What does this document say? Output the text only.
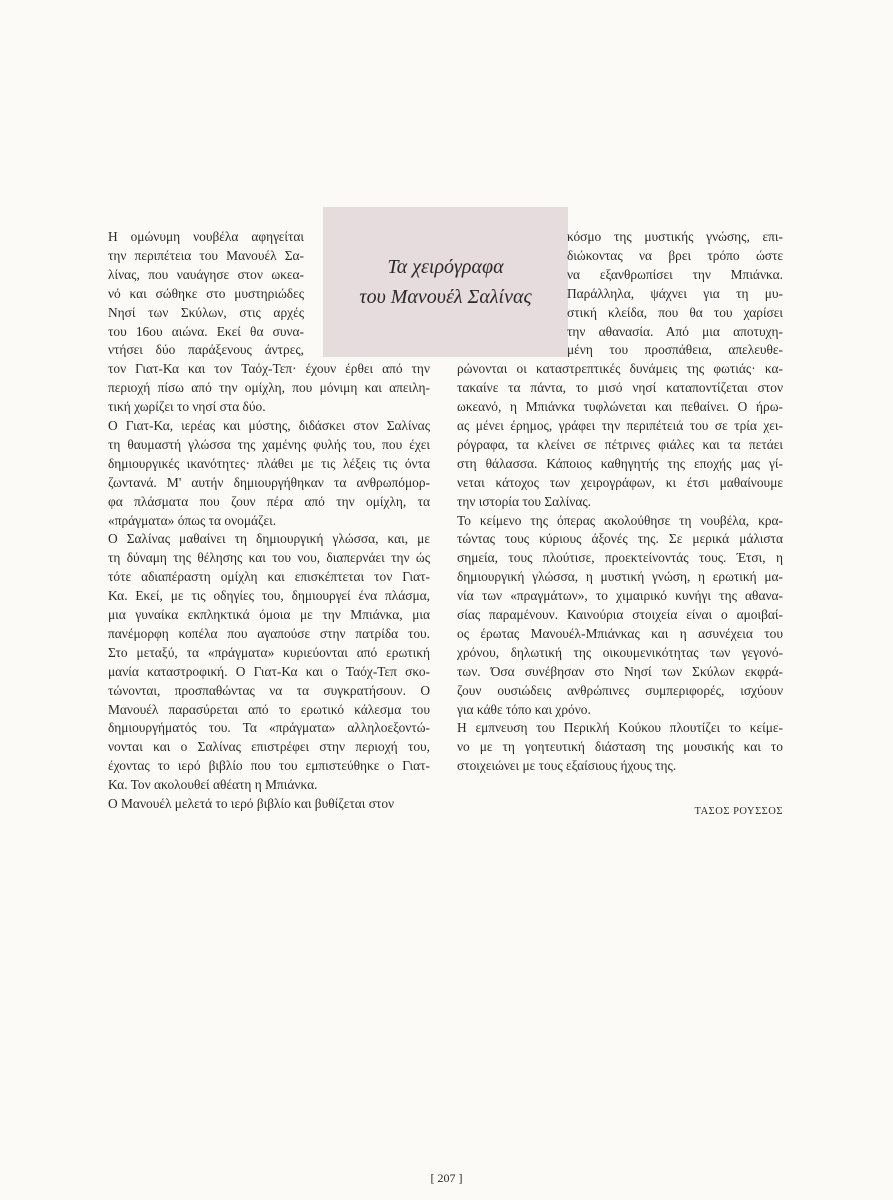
Τα χειρόγραφα
του Μανουέλ Σαλίνας
Η ομώνυμη νουβέλα αφηγείται
την περιπέτεια του Μανουέλ Σα-
λίνας, που ναυάγησε στον ωκεα-
νό και σώθηκε στο μυστηριώδες
Νησί των Σκύλων, στις αρχές
του 16ου αιώνα. Εκεί θα συνα-
ντήσει δύο παράξενους άντρες,
τον Γιατ-Κα και τον Ταόχ-Τεπ· έχουν έρθει από την
περιοχή πίσω από την ομίχλη, που μόνιμη και απειλη-
τική χωρίζει το νησί στα δύο.
Ο Γιατ-Κα, ιερέας και μύστης, διδάσκει στον Σαλίνας
τη θαυμαστή γλώσσα της χαμένης φυλής του, που έχει
δημιουργικές ικανότητες· πλάθει με τις λέξεις τις όντα
ζωντανά. Μ' αυτήν δημιουργήθηκαν τα ανθρωπόμορ-
φα πλάσματα που ζουν πέρα από την ομίχλη, τα
«πράγματα» όπως τα ονομάζει.
Ο Σαλίνας μαθαίνει τη δημιουργική γλώσσα, και, με
τη δύναμη της θέλησης και του νου, διαπερνάει την ώς
τότε αδιαπέραστη ομίχλη και επισκέπτεται τον Γιατ-
Κα. Εκεί, με τις οδηγίες του, δημιουργεί ένα πλάσμα,
μια γυναίκα εκπληκτικά όμοια με την Μπιάνκα, μια
πανέμορφη κοπέλα που αγαπούσε στην πατρίδα του.
Στο μεταξύ, τα «πράγματα» κυριεύονται από ερωτική
μανία καταστροφική. Ο Γιατ-Κα και ο Ταόχ-Τεπ σκο-
τώνονται, προσπαθώντας να τα συγκρατήσουν. Ο
Μανουέλ παρασύρεται από το ερωτικό κάλεσμα του
δημιουργήματός του. Τα «πράγματα» αλληλοεξοντώ-
νονται και ο Σαλίνας επιστρέφει στην περιοχή του,
έχοντας το ιερό βιβλίο που του εμπιστεύθηκε ο Γιατ-
Κα. Τον ακολουθεί αθέατη η Μπιάνκα.
Ο Μανουέλ μελετά το ιερό βιβλίο και βυθίζεται στον
κόσμο της μυστικής γνώσης, επι-
διώκοντας να βρει τρόπο ώστε
να εξανθρωπίσει την Μπιάνκα.
Παράλληλα, ψάχνει για τη μυ-
στική κλείδα, που θα του χαρίσει
την αθανασία. Από μια αποτυχη-
μένη του προσπάθεια, απελευθε-
ρώνονται οι καταστρεπτικές δυνάμεις της φωτιάς· κα-
τακαίνε τα πάντα, το μισό νησί καταποντίζεται στον
ωκεανό, η Μπιάνκα τυφλώνεται και πεθαίνει. Ο ήρω-
ας μένει έρημος, γράφει την περιπέτειά του σε τρία χει-
ρόγραφα, τα κλείνει σε πέτρινες φιάλες και τα πετάει
στη θάλασσα. Κάποιος καθηγητής της εποχής μας γί-
νεται κάτοχος των χειρογράφων, κι έτσι μαθαίνουμε
την ιστορία του Σαλίνας.
Το κείμενο της όπερας ακολούθησε τη νουβέλα, κρα-
τώντας τους κύριους άξονές της. Σε μερικά μάλιστα
σημεία, τους πλούτισε, προεκτείνοντάς τους. Έτσι, η
δημιουργική γλώσσα, η μυστική γνώση, η ερωτική μα-
νία των «πραγμάτων», το χιμαιρικό κυνήγι της αθανα-
σίας παραμένουν. Καινούρια στοιχεία είναι ο αμοιβαί-
ος έρωτας Μανουέλ-Μπιάνκας και η ασυνέχεια του
χρόνου, δηλωτική της οικουμενικότητας των γεγονό-
των. Όσα συνέβησαν στο Νησί των Σκύλων εκφρά-
ζουν ουσιώδεις ανθρώπινες συμπεριφορές, ισχύουν
για κάθε τόπο και χρόνο.
Η εμπνευση του Περικλή Κούκου πλουτίζει το κείμε-
νο με τη γοητευτική διάσταση της μουσικής και το
στοιχειώνει με τους εξαίσιους ήχους της.
ΤΑΣΟΣ ΡΟΥΣΣΟΣ
[ 207 ]
